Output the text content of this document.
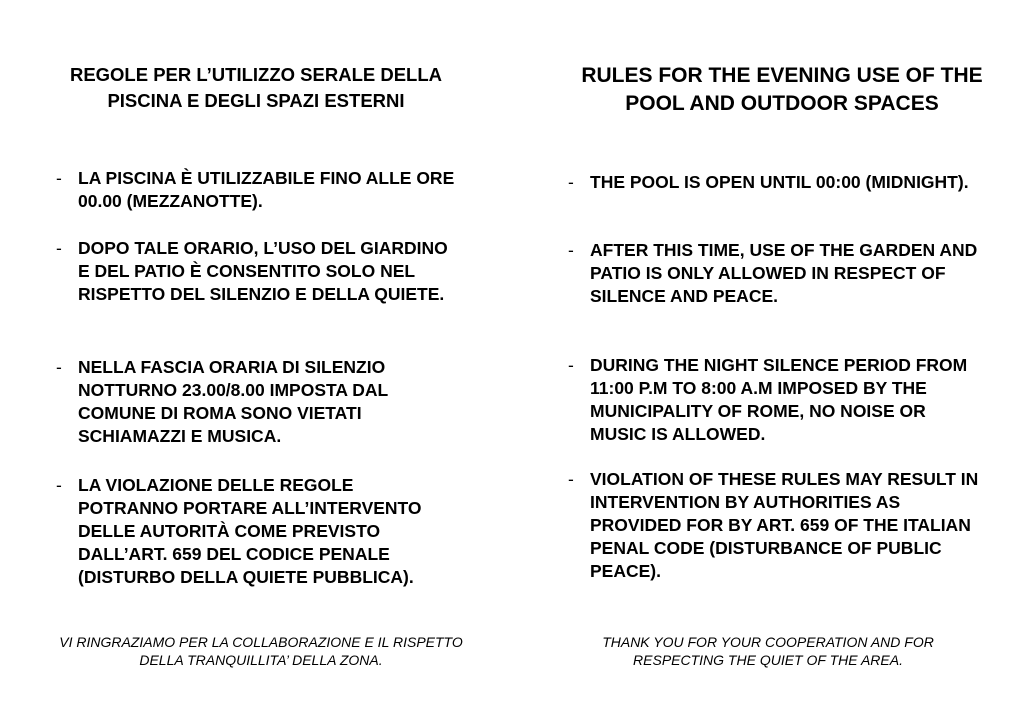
REGOLE PER L’UTILIZZO SERALE DELLA PISCINA E DEGLI SPAZI ESTERNI

- LA PISCINA È UTILIZZABILE FINO ALLE ORE 00.00 (MEZZANOTTE).

- DOPO TALE ORARIO, L’USO DEL GIARDINO E DEL PATIO È CONSENTITO SOLO NEL RISPETTO DEL SILENZIO E DELLA QUIETE.

- NELLA FASCIA ORARIA DI SILENZIO NOTTURNO 23.00/8.00 IMPOSTA DAL COMUNE DI ROMA SONO VIETATI SCHIAMAZZI E MUSICA.

- LA VIOLAZIONE DELLE REGOLE POTRANNO PORTARE ALL’INTERVENTO DELLE AUTORITÀ COME PREVISTO DALL’ART. 659 DEL CODICE PENALE (DISTURBO DELLA QUIETE PUBBLICA).

VI RINGRAZIAMO PER LA COLLABORAZIONE E IL RISPETTO DELLA TRANQUILLITA’ DELLA ZONA.

RULES FOR THE EVENING USE OF THE POOL AND OUTDOOR SPACES

- THE POOL IS OPEN UNTIL 00:00 (MIDNIGHT).

- AFTER THIS TIME, USE OF THE GARDEN AND PATIO IS ONLY ALLOWED IN RESPECT OF SILENCE AND PEACE.

- DURING THE NIGHT SILENCE PERIOD FROM 11:00 P.M TO 8:00 A.M IMPOSED BY THE MUNICIPALITY OF ROME, NO NOISE OR MUSIC IS ALLOWED.

- VIOLATION OF THESE RULES MAY RESULT IN INTERVENTION BY AUTHORITIES AS PROVIDED FOR BY ART. 659 OF THE ITALIAN PENAL CODE (DISTURBANCE OF PUBLIC PEACE).

THANK YOU FOR YOUR COOPERATION AND FOR RESPECTING THE QUIET OF THE AREA.
